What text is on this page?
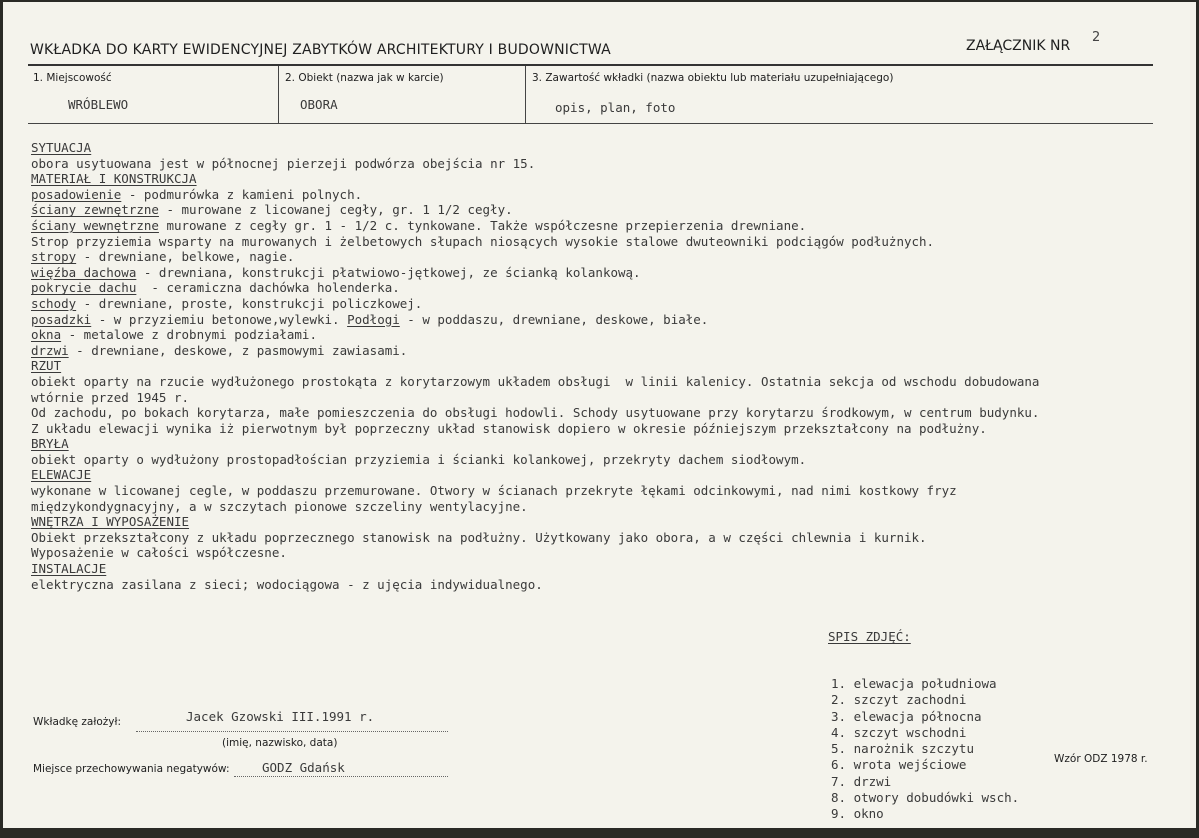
WKŁADKA DO KARTY EWIDENCYJNEJ ZABYTKÓW ARCHITEKTURY I BUDOWNICTWA	ZAŁĄCZNIK NR
2
1. Miejscowość
WRÓBLEWO
2. Obiekt (nazwa jak w karcie)
OBORA
3. Zawartość wkładki (nazwa obiektu lub materiału uzupełniającego)
opis, plan, foto
SYTUACJA
obora usytuowana jest w północnej pierzeji podwórza obejścia nr 15.
MATERIAŁ I KONSTRUKCJA
posadowienie - podmurówka z kamieni polnych.
ściany zewnętrzne - murowane z licowanej cegły, gr. 1 1/2 cegły.
ściany wewnętrzne murowane z cegły gr. 1 - 1/2 c. tynkowane. Także współczesne przepierzenia drewniane.
Strop przyziemia wsparty na murowanych i żelbetowych słupach niosących wysokie stalowe dwuteowniki podciągów podłużnych.
stropy - drewniane, belkowe, nagie.
więźba dachowa - drewniana, konstrukcji płatwiowo-jętkowej, ze ścianką kolankową.
pokrycie dachu  - ceramiczna dachówka holenderka.
schody - drewniane, proste, konstrukcji policzkowej.
posadzki - w przyziemiu betonowe,wylewki. Podłogi - w poddaszu, drewniane, deskowe, białe.
okna - metalowe z drobnymi podziałami.
drzwi - drewniane, deskowe, z pasmowymi zawiasami.
RZUT
obiekt oparty na rzucie wydłużonego prostokąta z korytarzowym układem obsługi  w linii kalenicy. Ostatnia sekcja od wschodu dobudowana
wtórnie przed 1945 r.
Od zachodu, po bokach korytarza, małe pomieszczenia do obsługi hodowli. Schody usytuowane przy korytarzu środkowym, w centrum budynku.
Z układu elewacji wynika iż pierwotnym był poprzeczny układ stanowisk dopiero w okresie późniejszym przekształcony na podłużny.
BRYŁA
obiekt oparty o wydłużony prostopadłościan przyziemia i ścianki kolankowej, przekryty dachem siodłowym.
ELEWACJE
wykonane w licowanej cegle, w poddaszu przemurowane. Otwory w ścianach przekryte łękami odcinkowymi, nad nimi kostkowy fryz
międzykondygnacyjny, a w szczytach pionowe szczeliny wentylacyjne.
WNĘTRZA I WYPOSAŻENIE
Obiekt przekształcony z układu poprzecznego stanowisk na podłużny. Użytkowany jako obora, a w części chlewnia i kurnik.
Wyposażenie w całości współczesne.
INSTALACJE
elektryczna zasilana z sieci; wodociągowa - z ujęcia indywidualnego.

SPIS ZDJĘĆ:

1. elewacja południowa
2. szczyt zachodni
3. elewacja północna
4. szczyt wschodni
5. narożnik szczytu
6. wrota wejściowe
7. drzwi
8. otwory dobudówki wsch.
9. okno

Wkładkę założył:	Jacek Gzowski III.1991 r.
(imię, nazwisko, data)
Miejsce przechowywania negatywów:	GODZ Gdańsk
Wzór ODZ 1978 r.
